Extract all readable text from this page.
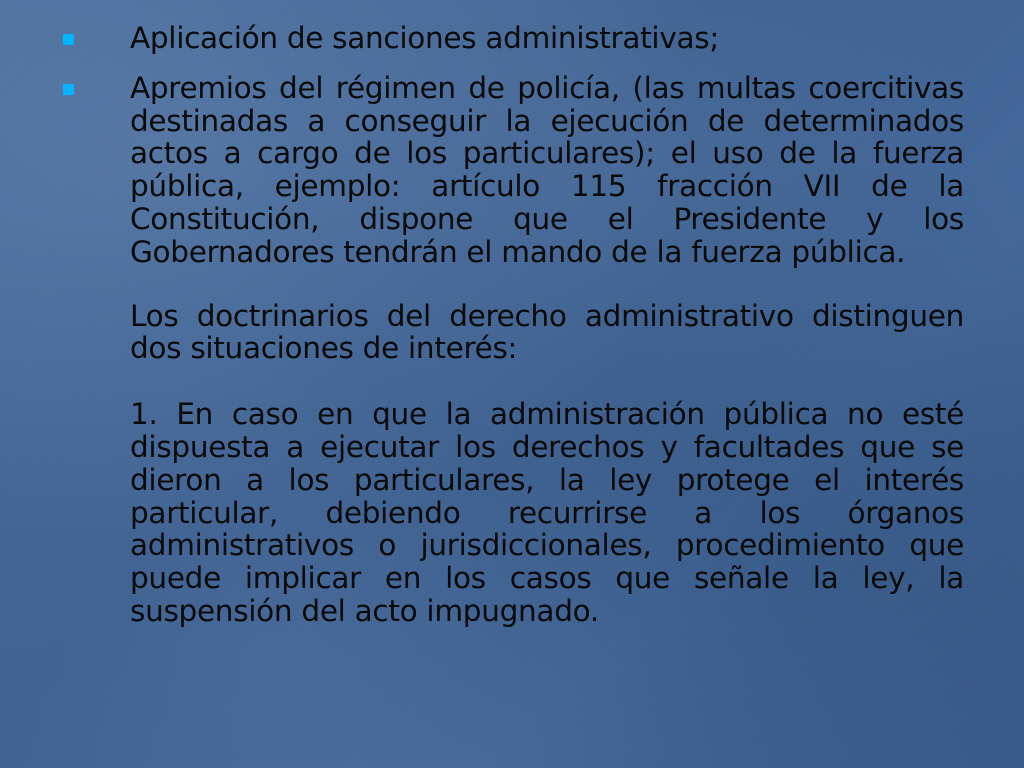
Aplicación de sanciones administrativas;

Apremios del régimen de policía, (las multas coercitivas destinadas a conseguir la ejecución de determinados actos a cargo de los particulares); el uso de la fuerza pública, ejemplo: artículo 115 fracción VII de la Constitución, dispone que el Presidente y los Gobernadores tendrán el mando de la fuerza pública.

Los doctrinarios del derecho administrativo distinguen dos situaciones de interés:

1. En caso en que la administración pública no esté dispuesta a ejecutar los derechos y facultades que se dieron a los particulares, la ley protege el interés particular, debiendo recurrirse a los órganos administrativos o jurisdiccionales, procedimiento que puede implicar en los casos que señale la ley, la suspensión del acto impugnado.
